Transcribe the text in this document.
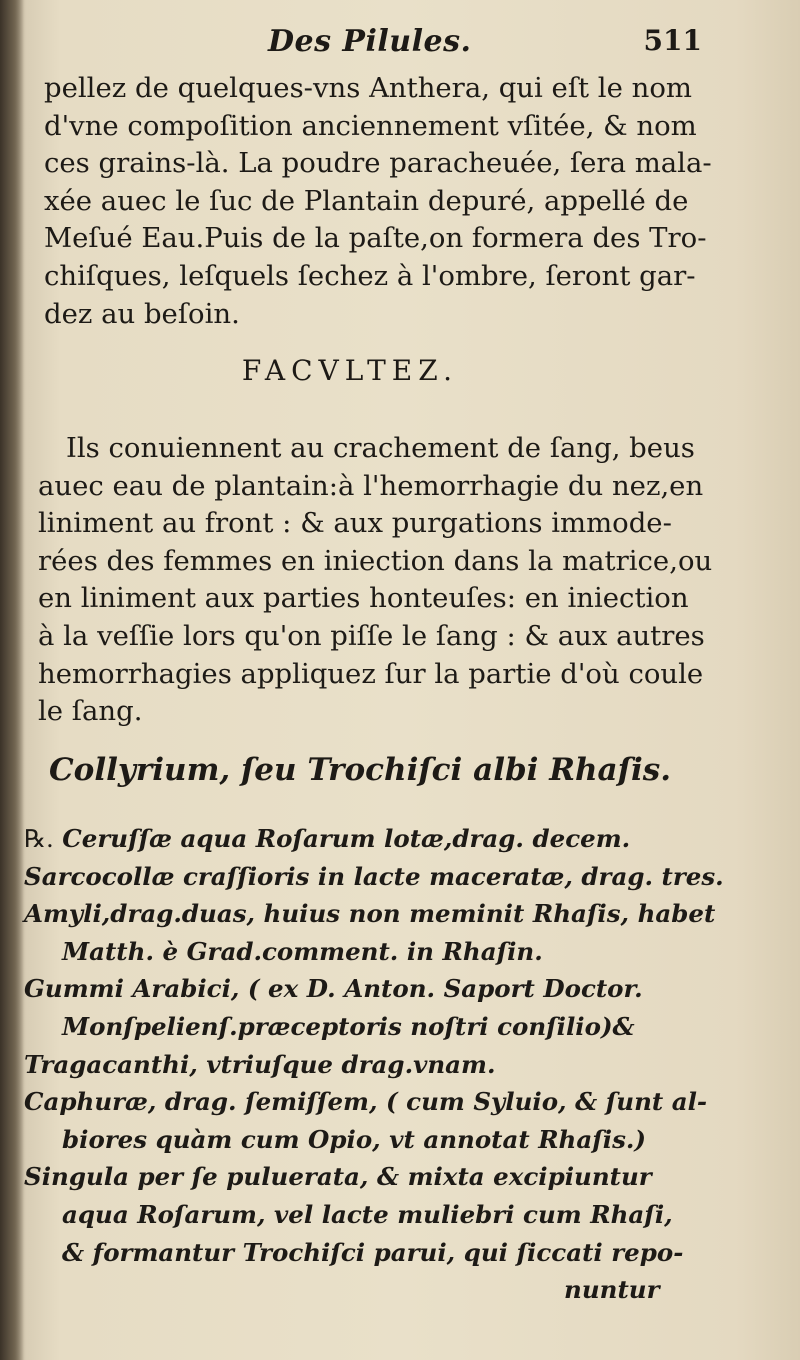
Des Pilules.	511
pellez de quelques-vns Anthera, qui eſt le nom
d'vne compoſition anciennement vſitée, & nom
ces grains-là. La poudre paracheuée, ſera mala-
xée auec le ſuc de Plantain depuré, appellé de
Meſué Eau.Puis de la paſte,on formera des Tro-
chiſques, leſquels ſechez à l'ombre, ſeront gar-
dez au beſoin.
FACVLTEZ.
Ils conuiennent au crachement de ſang, beus
auec eau de plantain:à l'hemorrhagie du nez,en
liniment au front : & aux purgations immode-
rées des femmes en iniection dans la matrice,ou
en liniment aux parties honteuſes: en iniection
à la veſſie lors qu'on piſſe le ſang : & aux autres
hemorrhagies appliquez ſur la partie d'où coule
le ſang.
Collyrium, ſeu Trochiſci albi Rhaſis.
℞. Ceruſſæ aqua Roſarum lotæ,drag. decem.
Sarcocollæ craſſioris in lacte maceratæ, drag. tres.
Amyli,drag.duas, huius non meminit Rhaſis, habet
Matth. è Grad.comment. in Rhaſin.
Gummi Arabici, ( ex D. Anton. Saport Doctor.
Monſpelienſ.præceptoris noſtri conſilio)&
Tragacanthi, vtriuſque drag.vnam.
Caphuræ, drag. ſemiſſem, ( cum Syluio, & ſunt al-
biores quàm cum Opio, vt annotat Rhaſis.)
Singula per ſe puluerata, & mixta excipiuntur
aqua Roſarum, vel lacte muliebri cum Rhaſi,
& formantur Trochiſci parui, qui ſiccati repo-
nuntur
